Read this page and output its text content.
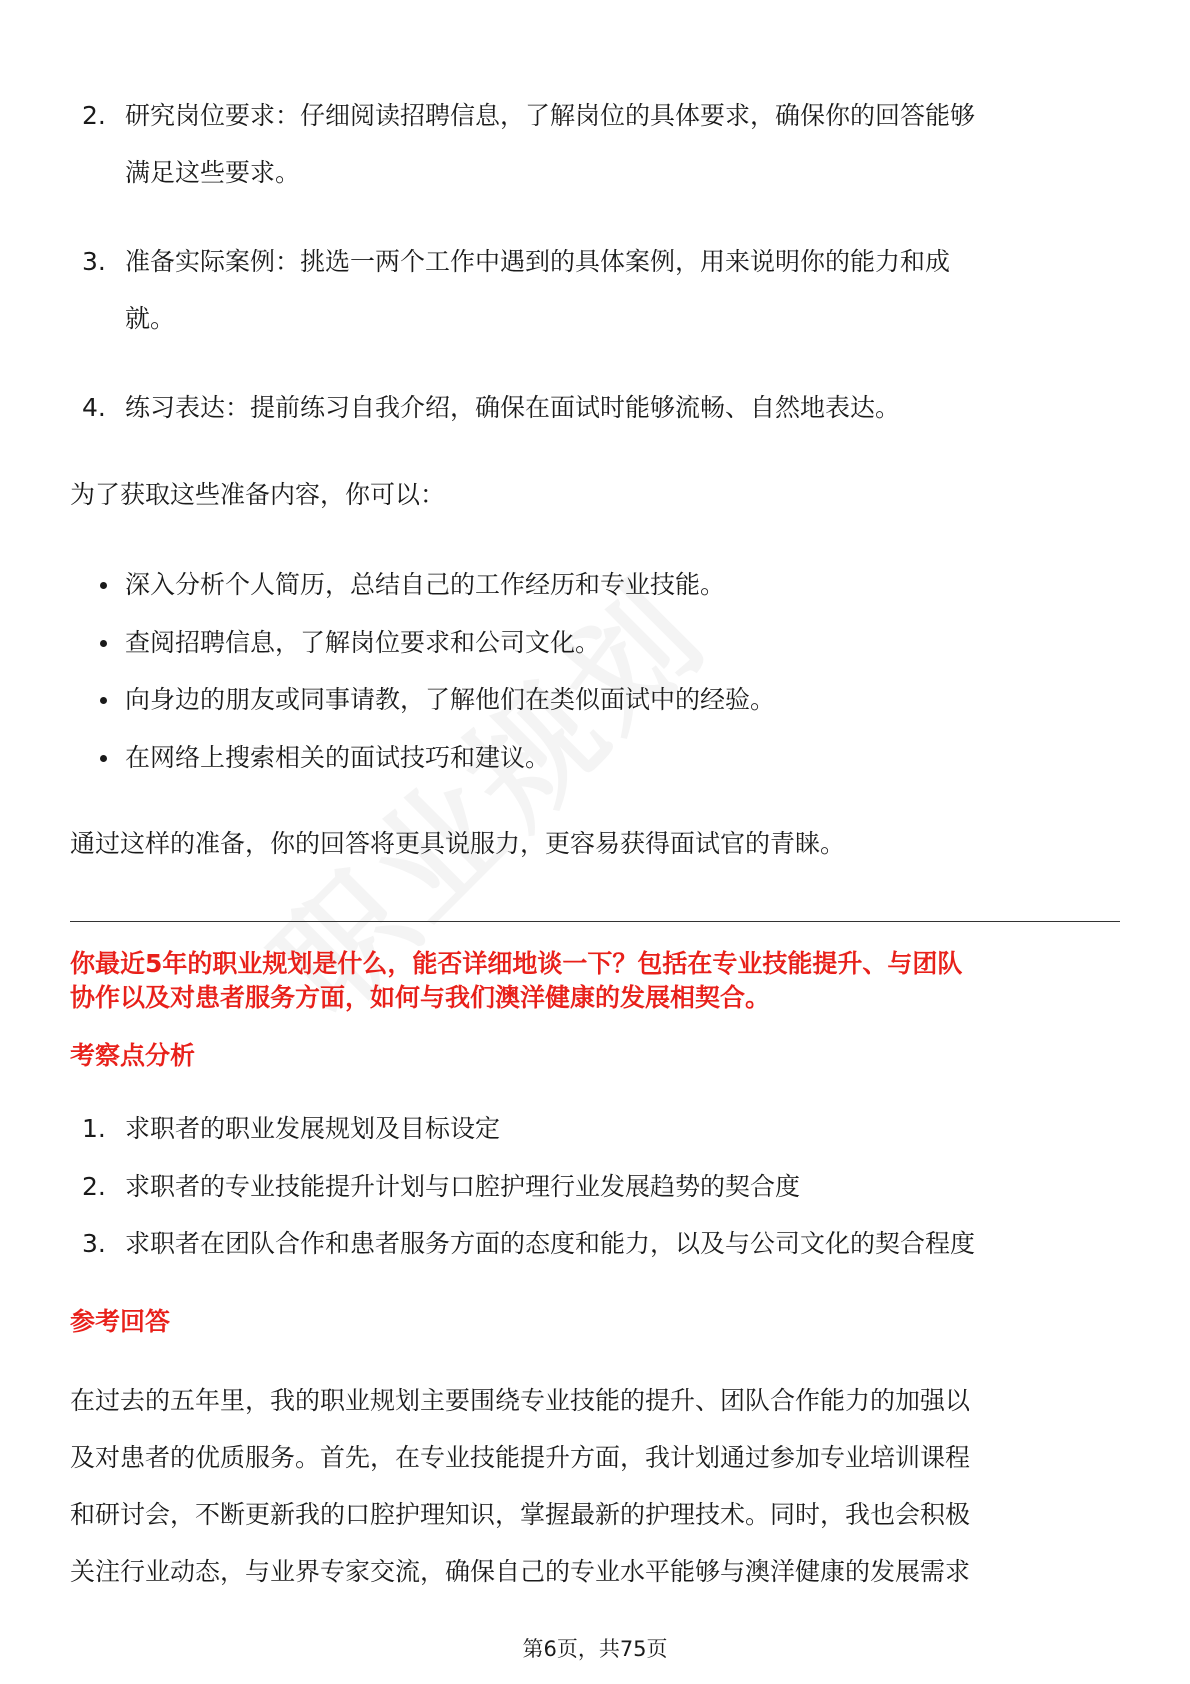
2. 研究岗位要求：仔细阅读招聘信息，了解岗位的具体要求，确保你的回答能够
满足这些要求。
3. 准备实际案例：挑选一两个工作中遇到的具体案例，用来说明你的能力和成
就。
4. 练习表达：提前练习自我介绍，确保在面试时能够流畅、自然地表达。
为了获取这些准备内容，你可以：
深入分析个人简历，总结自己的工作经历和专业技能。
查阅招聘信息，了解岗位要求和公司文化。
向身边的朋友或同事请教，了解他们在类似面试中的经验。
在网络上搜索相关的面试技巧和建议。
通过这样的准备，你的回答将更具说服力，更容易获得面试官的青睐。
你最近5年的职业规划是什么，能否详细地谈一下？包括在专业技能提升、与团队
协作以及对患者服务方面，如何与我们澳洋健康的发展相契合。
考察点分析
1. 求职者的职业发展规划及目标设定
2. 求职者的专业技能提升计划与口腔护理行业发展趋势的契合度
3. 求职者在团队合作和患者服务方面的态度和能力，以及与公司文化的契合程度
参考回答
在过去的五年里，我的职业规划主要围绕专业技能的提升、团队合作能力的加强以
及对患者的优质服务。首先，在专业技能提升方面，我计划通过参加专业培训课程
和研讨会，不断更新我的口腔护理知识，掌握最新的护理技术。同时，我也会积极
关注行业动态，与业界专家交流，确保自己的专业水平能够与澳洋健康的发展需求
第6页，共75页
